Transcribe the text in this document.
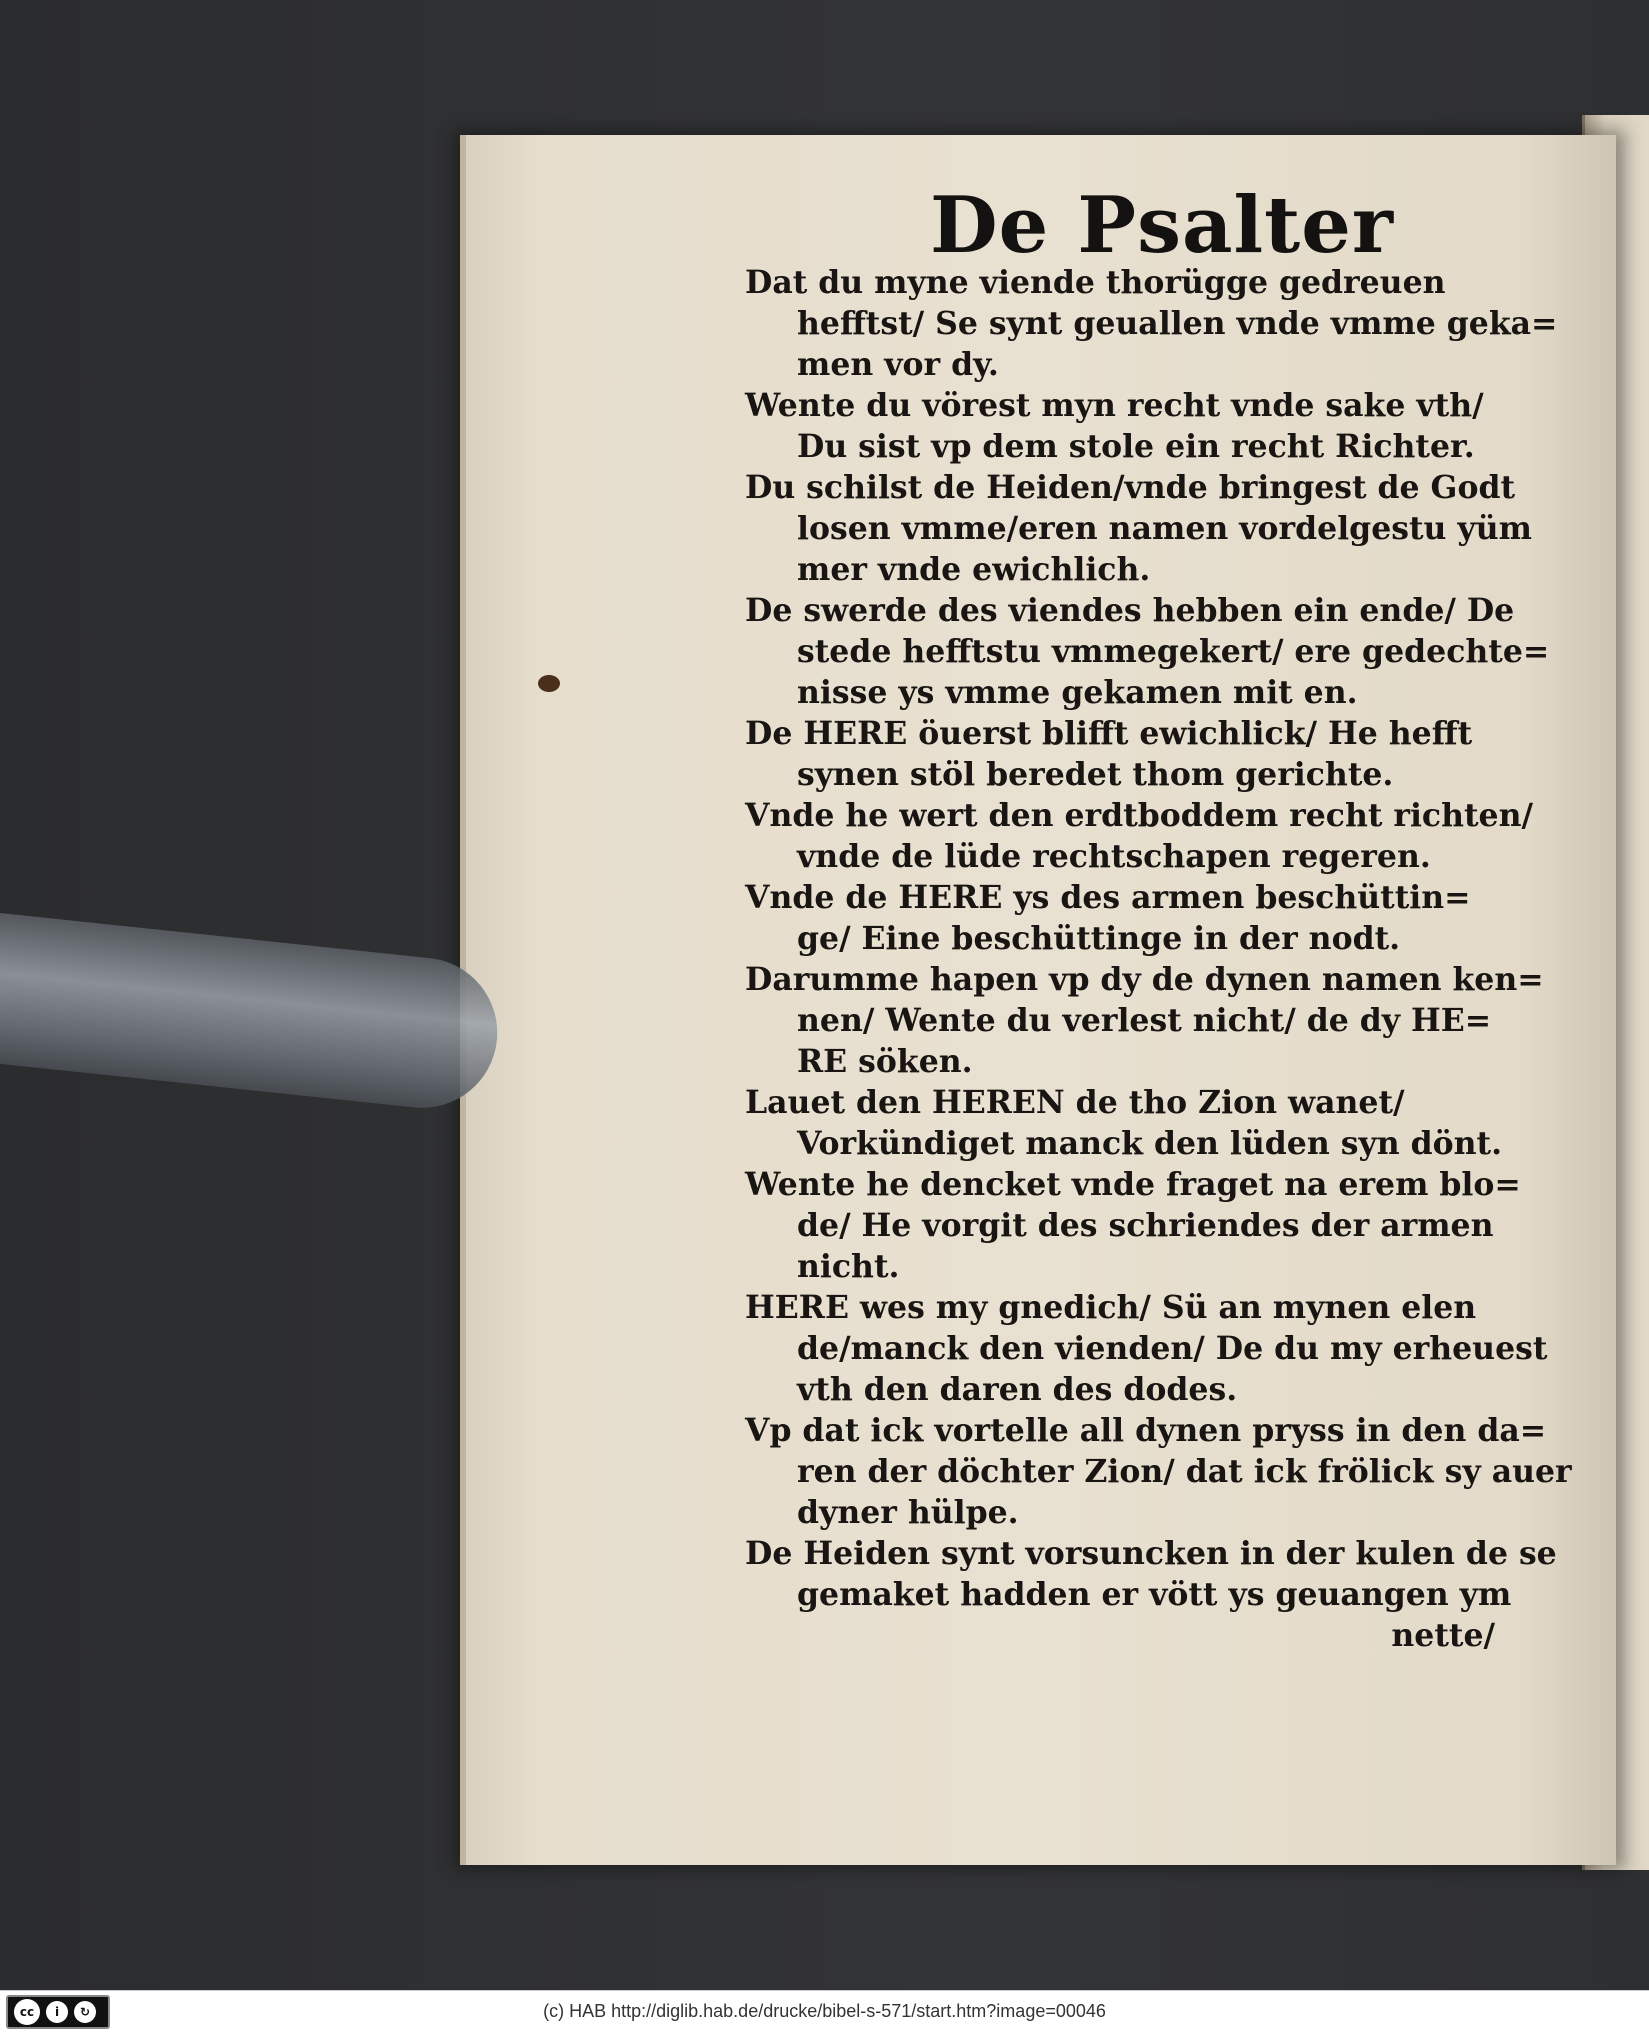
De Psalter
Dat du myne viende thorügge gedreuen
hefftst/ Se synt geuallen vnde vmme geka=
men vor dy.
Wente du vörest myn recht vnde sake vth/
Du sist vp dem stole ein recht Richter.
Du schilst de Heiden/vnde bringest de Godt
losen vmme/eren namen vordelgestu yüm
mer vnde ewichlich.
De swerde des viendes hebben ein ende/ De
stede hefftstu vmmegekert/ ere gedechte=
nisse ys vmme gekamen mit en.
De HERE öuerst blifft ewichlick/ He hefft
synen stöl beredet thom gerichte.
Vnde he wert den erdtboddem recht richten/
vnde de lüde rechtschapen regeren.
Vnde de HERE ys des armen beschüttin=
ge/ Eine beschüttinge in der nodt.
Darumme hapen vp dy de dynen namen ken=
nen/ Wente du verlest nicht/ de dy HE=
RE söken.
Lauet den HEREN de tho Zion wanet/
Vorkündiget manck den lüden syn dönt.
Wente he dencket vnde fraget na erem blo=
de/ He vorgit des schriendes der armen
nicht.
HERE wes my gnedich/ Sü an mynen elen
de/manck den vienden/ De du my erheuest
vth den daren des dodes.
Vp dat ick vortelle all dynen pryss in den da=
ren der döchter Zion/ dat ick frölick sy auer
dyner hülpe.
De Heiden synt vorsuncken in der kulen de se
gemaket hadden er vött ys geuangen ym
nette/
cc	i	↻	(c) HAB http://diglib.hab.de/drucke/bibel-s-571/start.htm?image=00046
